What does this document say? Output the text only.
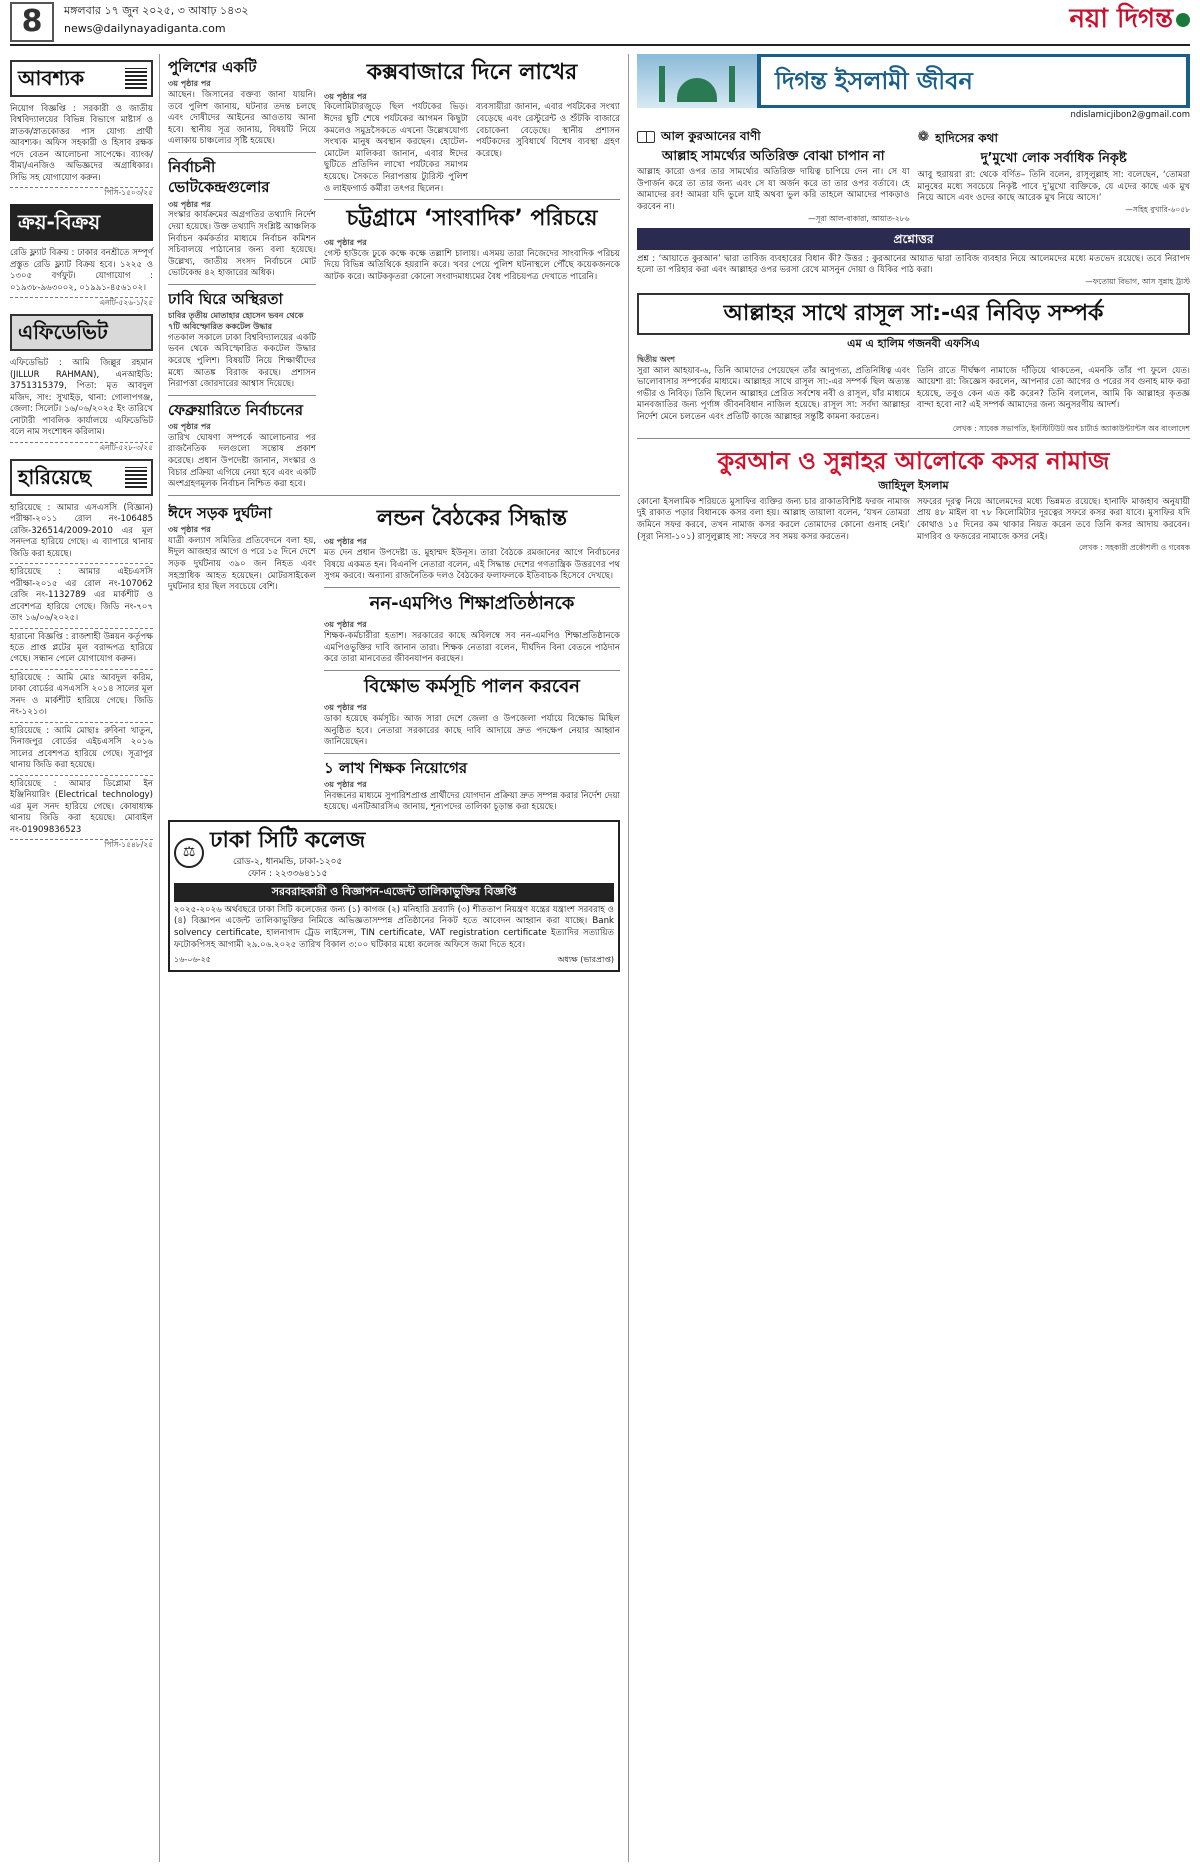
8	মঙ্গলবার ১৭ জুন ২০২৫, ৩ আষাঢ় ১৪৩২
news@dailynayadiganta.com	নয়া দিগন্ত
আবশ্যক
নিয়োগ বিজ্ঞপ্তি : সরকারী ও জাতীয় বিশ্ববিদ্যালয়ের বিভিন্ন বিভাগে মাষ্টার্স ও স্নাতক/স্নাতকোত্তর পাস যোগ্য প্রার্থী আবশ্যক। অফিস সহকারী ও হিসাব রক্ষক পদে বেতন আলোচনা সাপেক্ষে। ব্যাংক/বীমা/এনজিও অভিজ্ঞদের অগ্রাধিকার। সিভি সহ যোগাযোগ করুন।
পিসি-১৫০৩/২৫
ক্রয়-বিক্রয়
রেডি ফ্ল্যাট বিক্রয় : ঢাকার বনশ্রীতে সম্পূর্ণ প্রস্তুত রেডি ফ্ল্যাট বিক্রয় হবে। ১২২৫ ও ১৩০৫ বর্গফুট। যোগাযোগ : ০১৯৩৮-৯৬৩০০২, ০১৯৯১-৪৫৬১০২।
এনটি-৫২৬-১/২৫
এফিডেভিট
এফিডেভিট : আমি জিল্লুর রহমান (JILLUR RAHMAN), এনআইডি: 3751315379, পিতা: মৃত আবদুল মজিদ, সাং: সুখাইড়, থানা: গোলাপগঞ্জ, জেলা: সিলেট। ১৬/০৬/২০২৫ ইং তারিখে নোটারী পাবলিক কার্যালয়ে এফিডেভিট বলে নাম সংশোধন করিলাম।
এনটি-৫২৮-৩/২৫
হারিয়েছে
হারিয়েছে : আমার এসএসসি (বিজ্ঞান) পরীক্ষা-২০১১ রোল নং-106485 রেজি-326514/2009-2010 এর মূল সনদপত্র হারিয়ে গেছে। এ ব্যাপারে থানায় জিডি করা হয়েছে।
হারিয়েছে : আমার এইচএসসি পরীক্ষা-২০১৫ এর রোল নং-107062 রেজি নং-1132789 এর মার্কশীট ও প্রবেশপত্র হারিয়ে গেছে। জিডি নং-৭০৭ তাং ১৬/০৬/২০২৫।
হারানো বিজ্ঞপ্তি : রাজশাহী উন্নয়ন কর্তৃপক্ষ হতে প্রাপ্ত প্লটের মূল বরাদ্দপত্র হারিয়ে গেছে। সন্ধান পেলে যোগাযোগ করুন।
হারিয়েছে : আমি মোঃ আবদুল করিম, ঢাকা বোর্ডের এসএসসি ২০১৪ সালের মূল সনদ ও মার্কশীট হারিয়ে গেছে। জিডি নং-১২১৩।
হারিয়েছে : আমি মোছাঃ রুবিনা খাতুন, দিনাজপুর বোর্ডের এইচএসসি ২০১৬ সালের প্রবেশপত্র হারিয়ে গেছে। সূত্রাপুর থানায় জিডি করা হয়েছে।
হারিয়েছে : আমার ডিপ্লোমা ইন ইঞ্জিনিয়ারিং (Electrical technology) এর মূল সনদ হারিয়ে গেছে। কোষাধ্যক্ষ থানায় জিডি করা হয়েছে। মোবাইল নং-01909836523
পিসি-১৫৪৮/২৫
পুলিশের একটি
৩য় পৃষ্ঠার পর
আছেন। জিসানের বক্তব্য জানা যায়নি। তবে পুলিশ জানায়, ঘটনার তদন্ত চলছে এবং দোষীদের আইনের আওতায় আনা হবে। স্থানীয় সূত্র জানায়, বিষয়টি নিয়ে এলাকায় চাঞ্চল্যের সৃষ্টি হয়েছে।
নির্বাচনী ভোটকেন্দ্রগুলোর
৩য় পৃষ্ঠার পর
সংস্কার কার্যক্রমের অগ্রগতির তথ্যাদি নির্দেশ দেয়া হয়েছে। উক্ত তথ্যাদি সংশ্লিষ্ট আঞ্চলিক নির্বাচন কর্মকর্তার মাধ্যমে নির্বাচন কমিশন সচিবালয়ে পাঠানোর জন্য বলা হয়েছে। উল্লেখ্য, জাতীয় সংসদ নির্বাচনে মোট ভোটকেন্দ্র ৪২ হাজারের অধিক।
ঢাবি ঘিরে অস্থিরতা
চাবির তৃতীয় মোতাহার হোসেন ভবন থেকে ৭টি অবিস্ফোরিত ককটেল উদ্ধার
গতকাল সকালে ঢাকা বিশ্ববিদ্যালয়ের একটি ভবন থেকে অবিস্ফোরিত ককটেল উদ্ধার করেছে পুলিশ। বিষয়টি নিয়ে শিক্ষার্থীদের মধ্যে আতঙ্ক বিরাজ করছে। প্রশাসন নিরাপত্তা জোরদারের আশ্বাস দিয়েছে।
ফেব্রুয়ারিতে নির্বাচনের
৩য় পৃষ্ঠার পর
তারিখ ঘোষণা সম্পর্কে আলোচনার পর রাজনৈতিক দলগুলো সন্তোষ প্রকাশ করেছে। প্রধান উপদেষ্টা জানান, সংস্কার ও বিচার প্রক্রিয়া এগিয়ে নেয়া হবে এবং একটি অংশগ্রহণমূলক নির্বাচন নিশ্চিত করা হবে।
কক্সবাজারে দিনে লাখের
৩য় পৃষ্ঠার পর
কিলোমিটারজুড়ে ছিল পর্যটকের ভিড়। ঈদের ছুটি শেষে পর্যটকের আগমন কিছুটা কমলেও সমুদ্রসৈকতে এখনো উল্লেখযোগ্য সংখ্যক মানুষ অবস্থান করছেন। হোটেল-মোটেল মালিকরা জানান, এবার ঈদের ছুটিতে প্রতিদিন লাখো পর্যটকের সমাগম হয়েছে। সৈকতে নিরাপত্তায় ট্যুরিস্ট পুলিশ ও লাইফগার্ড কর্মীরা তৎপর ছিলেন।
ব্যবসায়ীরা জানান, এবার পর্যটকের সংখ্যা বেড়েছে এবং রেস্টুরেন্ট ও শুঁটকি বাজারে বেচাকেনা বেড়েছে। স্থানীয় প্রশাসন পর্যটকদের সুবিধার্থে বিশেষ ব্যবস্থা গ্রহণ করেছে।
চট্টগ্রামে ‘সাংবাদিক’ পরিচয়ে
৩য় পৃষ্ঠার পর
গেস্ট হাউজে ঢুকে কক্ষে কক্ষে তল্লাশি চালায়। এসময় তারা নিজেদের সাংবাদিক পরিচয় দিয়ে বিভিন্ন অতিথিকে হয়রানি করে। খবর পেয়ে পুলিশ ঘটনাস্থলে পৌঁছে কয়েকজনকে আটক করে। আটককৃতরা কোনো সংবাদমাধ্যমের বৈধ পরিচয়পত্র দেখাতে পারেনি।
ঈদে সড়ক দুর্ঘটনা
৩য় পৃষ্ঠার পর
যাত্রী কল্যাণ সমিতির প্রতিবেদনে বলা হয়, ঈদুল আজহার আগে ও পরে ১৫ দিনে দেশে সড়ক দুর্ঘটনায় ৩৯০ জন নিহত এবং সহস্রাধিক আহত হয়েছেন। মোটরসাইকেল দুর্ঘটনার হার ছিল সবচেয়ে বেশি।
লন্ডন বৈঠকের সিদ্ধান্ত
৩য় পৃষ্ঠার পর
মত দেন প্রধান উপদেষ্টা ড. মুহাম্মদ ইউনূস। তারা বৈঠকে রমজানের আগে নির্বাচনের বিষয়ে একমত হন। বিএনপি নেতারা বলেন, এই সিদ্ধান্ত দেশের গণতান্ত্রিক উত্তরণের পথ সুগম করবে। অন্যান্য রাজনৈতিক দলও বৈঠকের ফলাফলকে ইতিবাচক হিসেবে দেখছে।
নন-এমপিও শিক্ষাপ্রতিষ্ঠানকে
৩য় পৃষ্ঠার পর
শিক্ষক-কর্মচারীরা হতাশ। সরকারের কাছে অবিলম্বে সব নন-এমপিও শিক্ষাপ্রতিষ্ঠানকে এমপিওভুক্তির দাবি জানান তারা। শিক্ষক নেতারা বলেন, দীর্ঘদিন বিনা বেতনে পাঠদান করে তারা মানবেতর জীবনযাপন করছেন।
বিক্ষোভ কর্মসূচি পালন করবেন
৩য় পৃষ্ঠার পর
ডাকা হয়েছে কর্মসূচি। আজ সারা দেশে জেলা ও উপজেলা পর্যায়ে বিক্ষোভ মিছিল অনুষ্ঠিত হবে। নেতারা সরকারের কাছে দাবি আদায়ে দ্রুত পদক্ষেপ নেয়ার আহ্বান জানিয়েছেন।
১ লাখ শিক্ষক নিয়োগের
৩য় পৃষ্ঠার পর
নিবন্ধনের মাধ্যমে সুপারিশপ্রাপ্ত প্রার্থীদের যোগদান প্রক্রিয়া দ্রুত সম্পন্ন করার নির্দেশ দেয়া হয়েছে। এনটিআরসিএ জানায়, শূন্যপদের তালিকা চূড়ান্ত করা হয়েছে।
⚖ ঢাকা সিটি কলেজ
রোড-২, ধানমন্ডি, ঢাকা-১২০৫
ফোন : ২২৩৩৬৪১১৫
সরবরাহকারী ও বিজ্ঞাপন-এজেন্ট তালিকাভুক্তির বিজ্ঞপ্তি
২০২৫-২০২৬ অর্থবছরে ঢাকা সিটি কলেজের জন্য (১) কাগজ (২) মনিহারি দ্রব্যাদি (৩) শীততাপ নিয়ন্ত্রণ যন্ত্রের যন্ত্রাংশ সরবরাহ ও (৪) বিজ্ঞাপন এজেন্ট তালিকাভুক্তির নিমিত্তে অভিজ্ঞতাসম্পন্ন প্রতিষ্ঠানের নিকট হতে আবেদন আহ্বান করা যাচ্ছে। Bank solvency certificate, হালনাগাদ ট্রেড লাইসেন্স, TIN certificate, VAT registration certificate ইত্যাদির সত্যায়িত ফটোকপিসহ আগামী ২৯.০৬.২০২৫ তারিখ বিকাল ৩:০০ ঘটিকার মধ্যে কলেজ অফিসে জমা দিতে হবে।
১৬-০৬-২৫	অধ্যক্ষ (ভারপ্রাপ্ত)
দিগন্ত ইসলামী জীবন
ndislamicjibon2@gmail.com
আল কুরআনের বাণী
আল্লাহ সামর্থ্যের অতিরিক্ত বোঝা চাপান না
আল্লাহ কারো ওপর তার সামর্থ্যের অতিরিক্ত দায়িত্ব চাপিয়ে দেন না। সে যা উপার্জন করে তা তার জন্য এবং সে যা অর্জন করে তা তার ওপর বর্তাবে। হে আমাদের রব! আমরা যদি ভুলে যাই অথবা ভুল করি তাহলে আমাদের পাকড়াও করবেন না।
—সূরা আল-বাকারা, আয়াত-২৮৬
❁ হাদিসের কথা
দু’মুখো লোক সর্বাধিক নিকৃষ্ট
আবু হুরায়রা রা: থেকে বর্ণিত– তিনি বলেন, রাসূলুল্লাহ সা: বলেছেন, ‘তোমরা মানুষের মধ্যে সবচেয়ে নিকৃষ্ট পাবে দু’মুখো ব্যক্তিকে, যে এদের কাছে এক মুখ নিয়ে আসে এবং ওদের কাছে আরেক মুখ নিয়ে আসে।’
—সহিহ বুখারি-৬০৫৮
প্রশ্নোত্তর
প্রশ্ন : ‘আয়াতে কুরআন’ দ্বারা তাবিজ ব্যবহারের বিধান কী? উত্তর : কুরআনের আয়াত দ্বারা তাবিজ ব্যবহার নিয়ে আলেমদের মধ্যে মতভেদ রয়েছে। তবে নিরাপদ হলো তা পরিহার করা এবং আল্লাহর ওপর ভরসা রেখে মাসনুন দোয়া ও যিকির পাঠ করা।
—ফতোয়া বিভাগ, আস সুন্নাহ ট্রাস্ট
আল্লাহর সাথে রাসূল সা:-এর নিবিড় সম্পর্ক
এম এ হালিম গজনবী এফসিএ
দ্বিতীয় অংশ
সুরা আল আহযাব-৬, তিনি আমাদের পেয়েছেন তাঁর আনুগত্য, প্রতিনিধিত্ব এবং ভালোবাসার সম্পর্কের মাধ্যমে। আল্লাহর সাথে রাসূল সা:-এর সম্পর্ক ছিল অত্যন্ত গভীর ও নিবিড়। তিনি ছিলেন আল্লাহর প্রেরিত সর্বশেষ নবী ও রাসূল, যাঁর মাধ্যমে মানবজাতির জন্য পূর্ণাঙ্গ জীবনবিধান নাজিল হয়েছে। রাসূল সা: সর্বদা আল্লাহর নির্দেশ মেনে চলতেন এবং প্রতিটি কাজে আল্লাহর সন্তুষ্টি কামনা করতেন।
তিনি রাতে দীর্ঘক্ষণ নামাজে দাঁড়িয়ে থাকতেন, এমনকি তাঁর পা ফুলে যেত। আয়েশা রা: জিজ্ঞেস করলেন, আপনার তো আগের ও পরের সব গুনাহ মাফ করা হয়েছে, তবুও কেন এত কষ্ট করেন? তিনি বললেন, আমি কি আল্লাহর কৃতজ্ঞ বান্দা হবো না? এই সম্পর্ক আমাদের জন্য অনুসরণীয় আদর্শ।
লেখক : সাবেক সভাপতি, ইনস্টিটিউট অব চার্টার্ড অ্যাকাউন্ট্যান্টস অব বাংলাদেশ
কুরআন ও সুন্নাহর আলোকে কসর নামাজ
জাহিদুল ইসলাম
কোনো ইসলামিক শরিয়তে মুসাফির ব্যক্তির জন্য চার রাকাতবিশিষ্ট ফরজ নামাজ দুই রাকাত পড়ার বিধানকে কসর বলা হয়। আল্লাহ তায়ালা বলেন, ‘যখন তোমরা জমিনে সফর করবে, তখন নামাজ কসর করলে তোমাদের কোনো গুনাহ নেই।’ (সূরা নিসা-১০১) রাসূলুল্লাহ সা: সফরে সব সময় কসর করতেন।
সফরের দূরত্ব নিয়ে আলেমদের মধ্যে ভিন্নমত রয়েছে। হানাফি মাজহাব অনুযায়ী প্রায় ৪৮ মাইল বা ৭৮ কিলোমিটার দূরত্বের সফরে কসর করা যাবে। মুসাফির যদি কোথাও ১৫ দিনের কম থাকার নিয়ত করেন তবে তিনি কসর আদায় করবেন। মাগরিব ও ফজরের নামাজে কসর নেই।
লেখক : সহকারী প্রকৌশলী ও গবেষক
